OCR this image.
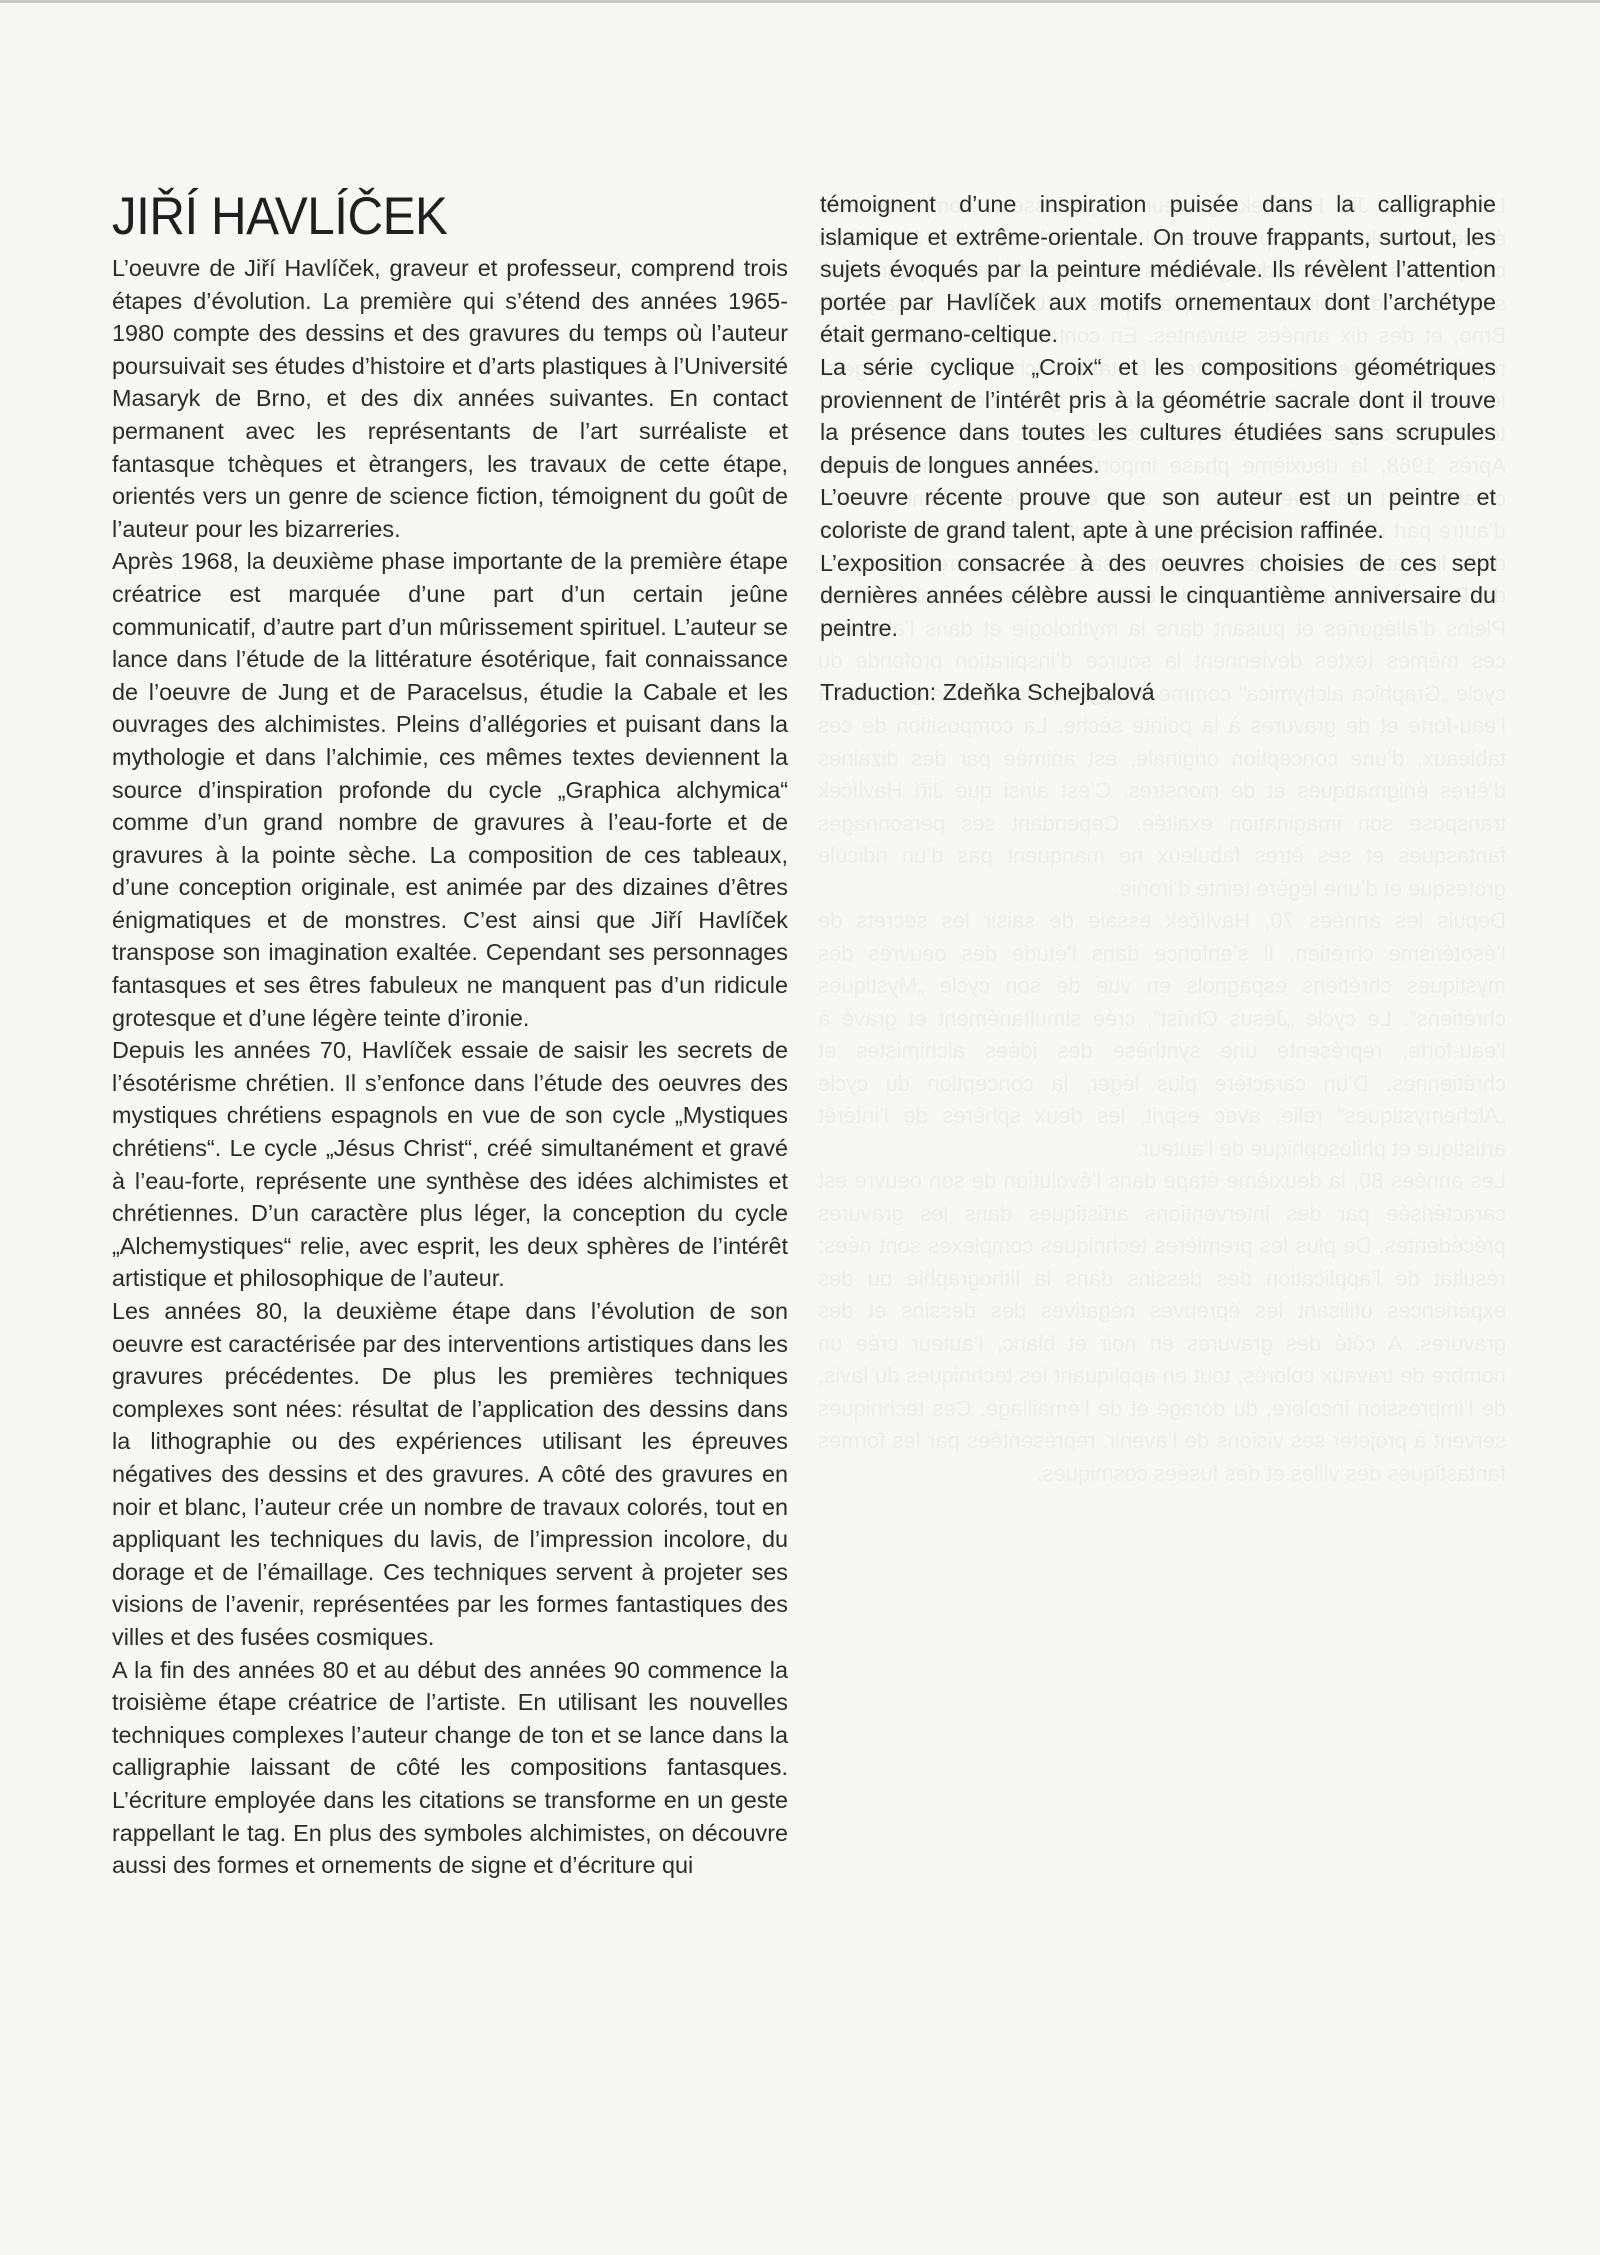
JIŘÍ HAVLÍČEK

L’oeuvre de Jiří Havlíček, graveur et professeur, comprend trois étapes d’évolution. La première qui s’étend des années 1965-1980 compte des dessins et des gravures du temps où l’auteur poursuivait ses études d’histoire et d’arts plastiques à l’Université Masaryk de Brno, et des dix années suivantes. En contact permanent avec les représentants de l’art surréaliste et fantasque tchèques et ètrangers, les travaux de cette étape, orientés vers un genre de science fiction, témoignent du goût de l’auteur pour les bizarreries.

Après 1968, la deuxième phase importante de la première étape créatrice est marquée d’une part d’un certain jeûne communicatif, d’autre part d’un mûrissement spirituel. L’auteur se lance dans l’étude de la littérature ésotérique, fait connaissance de l’oeuvre de Jung et de Paracelsus, étudie la Cabale et les ouvrages des alchimistes. Pleins d’allégories et puisant dans la mythologie et dans l’alchimie, ces mêmes textes deviennent la source d’inspiration profonde du cycle „Graphica alchymica“ comme d’un grand nombre de gravures à l’eau-forte et de gravures à la pointe sèche. La composition de ces tableaux, d’une conception originale, est animée par des dizaines d’êtres énigmatiques et de monstres. C’est ainsi que Jiří Havlíček transpose son imagination exaltée. Cependant ses personnages fantasques et ses êtres fabuleux ne manquent pas d’un ridicule grotesque et d’une légère teinte d’ironie.

Depuis les années 70, Havlíček essaie de saisir les secrets de l’ésotérisme chrétien. Il s’enfonce dans l’étude des oeuvres des mystiques chrétiens espagnols en vue de son cycle „Mystiques chrétiens“. Le cycle „Jésus Christ“, créé simultanément et gravé à l’eau-forte, représente une synthèse des idées alchimistes et chrétiennes. D’un caractère plus léger, la conception du cycle „Alchemystiques“ relie, avec esprit, les deux sphères de l’intérêt artistique et philosophique de l’auteur.

Les années 80, la deuxième étape dans l’évolution de son oeuvre est caractérisée par des interventions artistiques dans les gravures précédentes. De plus les premières techniques complexes sont nées: résultat de l’application des dessins dans la lithographie ou des expériences utilisant les épreuves négatives des dessins et des gravures. A côté des gravures en noir et blanc, l’auteur crée un nombre de travaux colorés, tout en appliquant les techniques du lavis, de l’impression incolore, du dorage et de l’émaillage. Ces techniques servent à projeter ses visions de l’avenir, représentées par les formes fantastiques des villes et des fusées cosmiques.

A la fin des années 80 et au début des années 90 commence la troisième étape créatrice de l’artiste. En utilisant les nouvelles techniques complexes l’auteur change de ton et se lance dans la calligraphie laissant de côté les compositions fantasques. L’écriture employée dans les citations se transforme en un geste rappellant le tag. En plus des symboles alchimistes, on découvre aussi des formes et ornements de signe et d’écriture qui

témoignent d’une inspiration puisée dans la calligraphie islamique et extrême-orientale. On trouve frappants, surtout, les sujets évoqués par la peinture médiévale. Ils révèlent l’attention portée par Havlíček aux motifs ornementaux dont l’archétype était germano-celtique.

La série cyclique „Croix“ et les compositions géométriques proviennent de l’intérêt pris à la géométrie sacrale dont il trouve la présence dans toutes les cultures étudiées sans scrupules depuis de longues années.

L’oeuvre récente prouve que son auteur est un peintre et coloriste de grand talent, apte à une précision raffinée.

L’exposition consacrée à des oeuvres choisies de ces sept dernières années célèbre aussi le cinquantième anniversaire du peintre.

Traduction: Zdeňka Schejbalová
